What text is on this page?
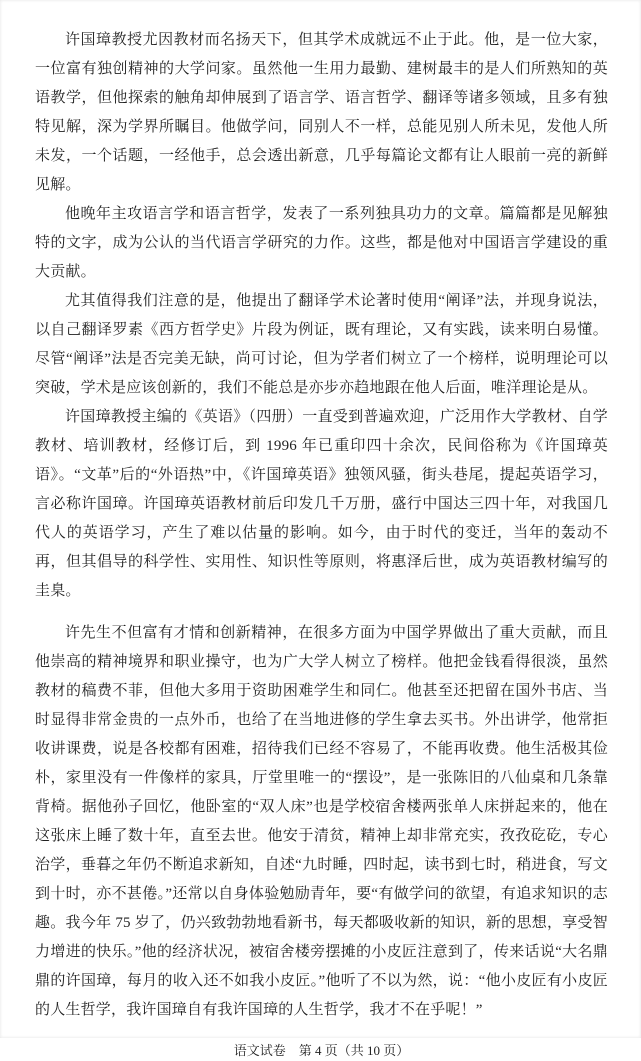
许国璋教授尤因教材而名扬天下，但其学术成就远不止于此。他，是一位大家，一位富有独创精神的大学问家。虽然他一生用力最勤、建树最丰的是人们所熟知的英语教学，但他探索的触角却伸展到了语言学、语言哲学、翻译等诸多领域，且多有独特见解，深为学界所瞩目。他做学问，同别人不一样，总能见别人所未见，发他人所未发，一个话题，一经他手，总会透出新意，几乎每篇论文都有让人眼前一亮的新鲜见解。

他晚年主攻语言学和语言哲学，发表了一系列独具功力的文章。篇篇都是见解独特的文字，成为公认的当代语言学研究的力作。这些，都是他对中国语言学建设的重大贡献。

尤其值得我们注意的是，他提出了翻译学术论著时使用“阐译”法，并现身说法，以自己翻译罗素《西方哲学史》片段为例证，既有理论，又有实践，读来明白易懂。尽管“阐译”法是否完美无缺，尚可讨论，但为学者们树立了一个榜样，说明理论可以突破，学术是应该创新的，我们不能总是亦步亦趋地跟在他人后面，唯洋理论是从。

许国璋教授主编的《英语》（四册）一直受到普遍欢迎，广泛用作大学教材、自学教材、培训教材，经修订后，到 1996 年已重印四十余次，民间俗称为《许国璋英语》。“文革”后的“外语热”中，《许国璋英语》独领风骚，街头巷尾，提起英语学习，言必称许国璋。许国璋英语教材前后印发几千万册，盛行中国达三四十年，对我国几代人的英语学习，产生了难以估量的影响。如今，由于时代的变迁，当年的轰动不再，但其倡导的科学性、实用性、知识性等原则，将惠泽后世，成为英语教材编写的圭臬。

许先生不但富有才情和创新精神，在很多方面为中国学界做出了重大贡献，而且他崇高的精神境界和职业操守，也为广大学人树立了榜样。他把金钱看得很淡，虽然教材的稿费不菲，但他大多用于资助困难学生和同仁。他甚至还把留在国外书店、当时显得非常金贵的一点外币，也给了在当地进修的学生拿去买书。外出讲学，他常拒收讲课费，说是各校都有困难，招待我们已经不容易了，不能再收费。他生活极其俭朴，家里没有一件像样的家具，厅堂里唯一的“摆设”，是一张陈旧的八仙桌和几条靠背椅。据他孙子回忆，他卧室的“双人床”也是学校宿舍楼两张单人床拼起来的，他在这张床上睡了数十年，直至去世。他安于清贫，精神上却非常充实，孜孜矻矻，专心治学，垂暮之年仍不断追求新知，自述“九时睡，四时起，读书到七时，稍进食，写文到十时，亦不甚倦。”还常以自身体验勉励青年，要“有做学问的欲望，有追求知识的志趣。我今年 75 岁了，仍兴致勃勃地看新书，每天都吸收新的知识，新的思想，享受智力增进的快乐。”他的经济状况，被宿舍楼旁摆摊的小皮匠注意到了，传来话说“大名鼎鼎的许国璋，每月的收入还不如我小皮匠。”他听了不以为然，说：“他小皮匠有小皮匠的人生哲学，我许国璋自有我许国璋的人生哲学，我才不在乎呢！”

语文试卷　第 4 页（共 10 页）
